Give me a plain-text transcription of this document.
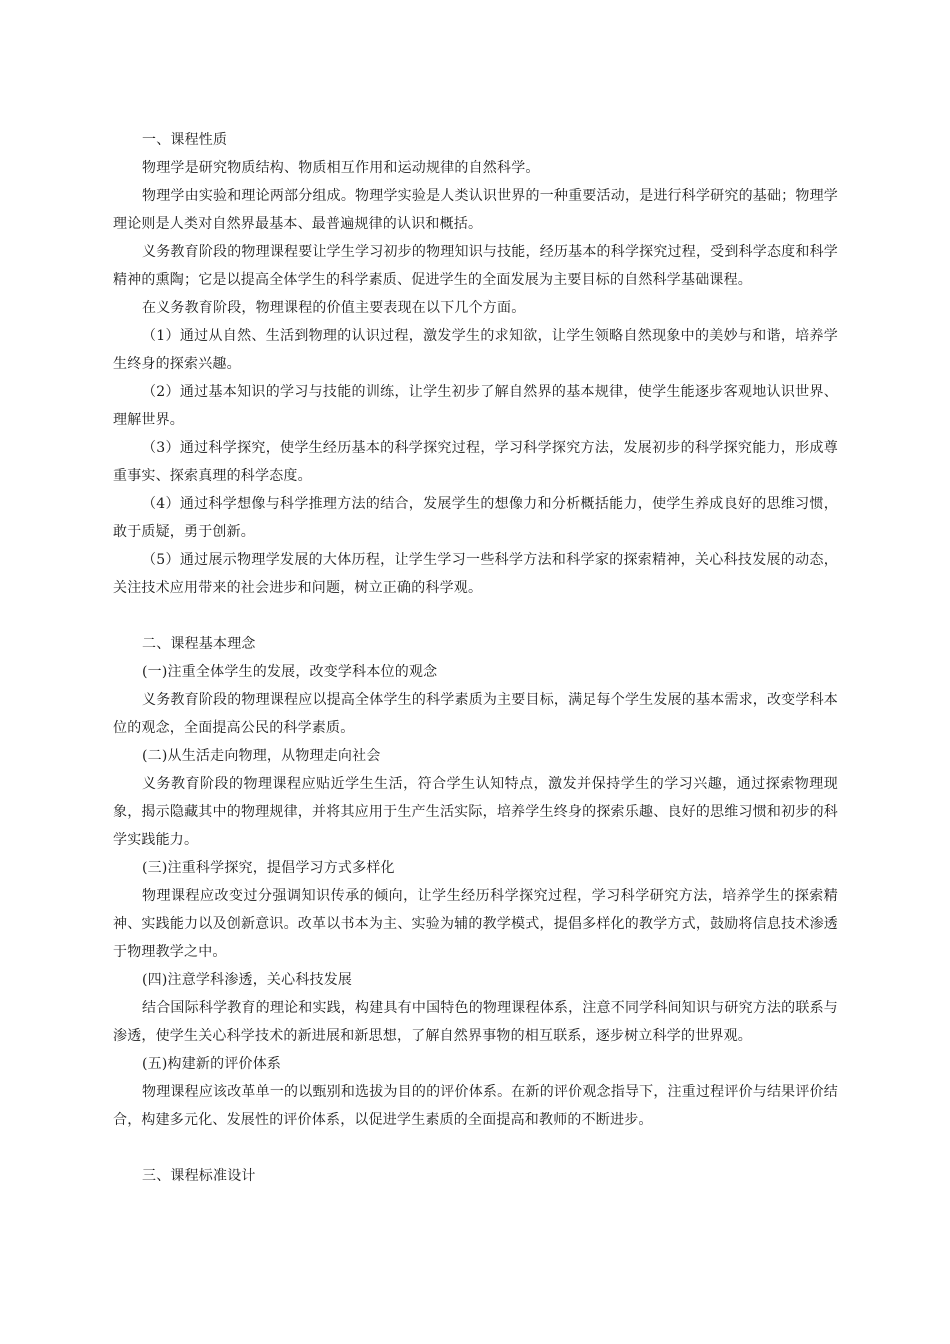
一、课程性质

物理学是研究物质结构、物质相互作用和运动规律的自然科学。

物理学由实验和理论两部分组成。物理学实验是人类认识世界的一种重要活动，是进行科学研究的基础；物理学理论则是人类对自然界最基本、最普遍规律的认识和概括。

义务教育阶段的物理课程要让学生学习初步的物理知识与技能，经历基本的科学探究过程，受到科学态度和科学精神的熏陶；它是以提高全体学生的科学素质、促进学生的全面发展为主要目标的自然科学基础课程。

在义务教育阶段，物理课程的价值主要表现在以下几个方面。

（1）通过从自然、生活到物理的认识过程，激发学生的求知欲，让学生领略自然现象中的美妙与和谐，培养学生终身的探索兴趣。

（2）通过基本知识的学习与技能的训练，让学生初步了解自然界的基本规律，使学生能逐步客观地认识世界、理解世界。

（3）通过科学探究，使学生经历基本的科学探究过程，学习科学探究方法，发展初步的科学探究能力，形成尊重事实、探索真理的科学态度。

（4）通过科学想像与科学推理方法的结合，发展学生的想像力和分析概括能力，使学生养成良好的思维习惯，敢于质疑，勇于创新。

（5）通过展示物理学发展的大体历程，让学生学习一些科学方法和科学家的探索精神，关心科技发展的动态，关注技术应用带来的社会进步和问题，树立正确的科学观。

二、课程基本理念

(一)注重全体学生的发展，改变学科本位的观念

义务教育阶段的物理课程应以提高全体学生的科学素质为主要目标，满足每个学生发展的基本需求，改变学科本位的观念，全面提高公民的科学素质。

(二)从生活走向物理，从物理走向社会

义务教育阶段的物理课程应贴近学生生活，符合学生认知特点，激发并保持学生的学习兴趣，通过探索物理现象，揭示隐藏其中的物理规律，并将其应用于生产生活实际，培养学生终身的探索乐趣、良好的思维习惯和初步的科学实践能力。

(三)注重科学探究，提倡学习方式多样化

物理课程应改变过分强调知识传承的倾向，让学生经历科学探究过程，学习科学研究方法，培养学生的探索精神、实践能力以及创新意识。改革以书本为主、实验为辅的教学模式，提倡多样化的教学方式，鼓励将信息技术渗透于物理教学之中。

(四)注意学科渗透，关心科技发展

结合国际科学教育的理论和实践，构建具有中国特色的物理课程体系，注意不同学科间知识与研究方法的联系与渗透，使学生关心科学技术的新进展和新思想，了解自然界事物的相互联系，逐步树立科学的世界观。

(五)构建新的评价体系

物理课程应该改革单一的以甄别和选拔为目的的评价体系。在新的评价观念指导下，注重过程评价与结果评价结合，构建多元化、发展性的评价体系，以促进学生素质的全面提高和教师的不断进步。

三、课程标准设计
